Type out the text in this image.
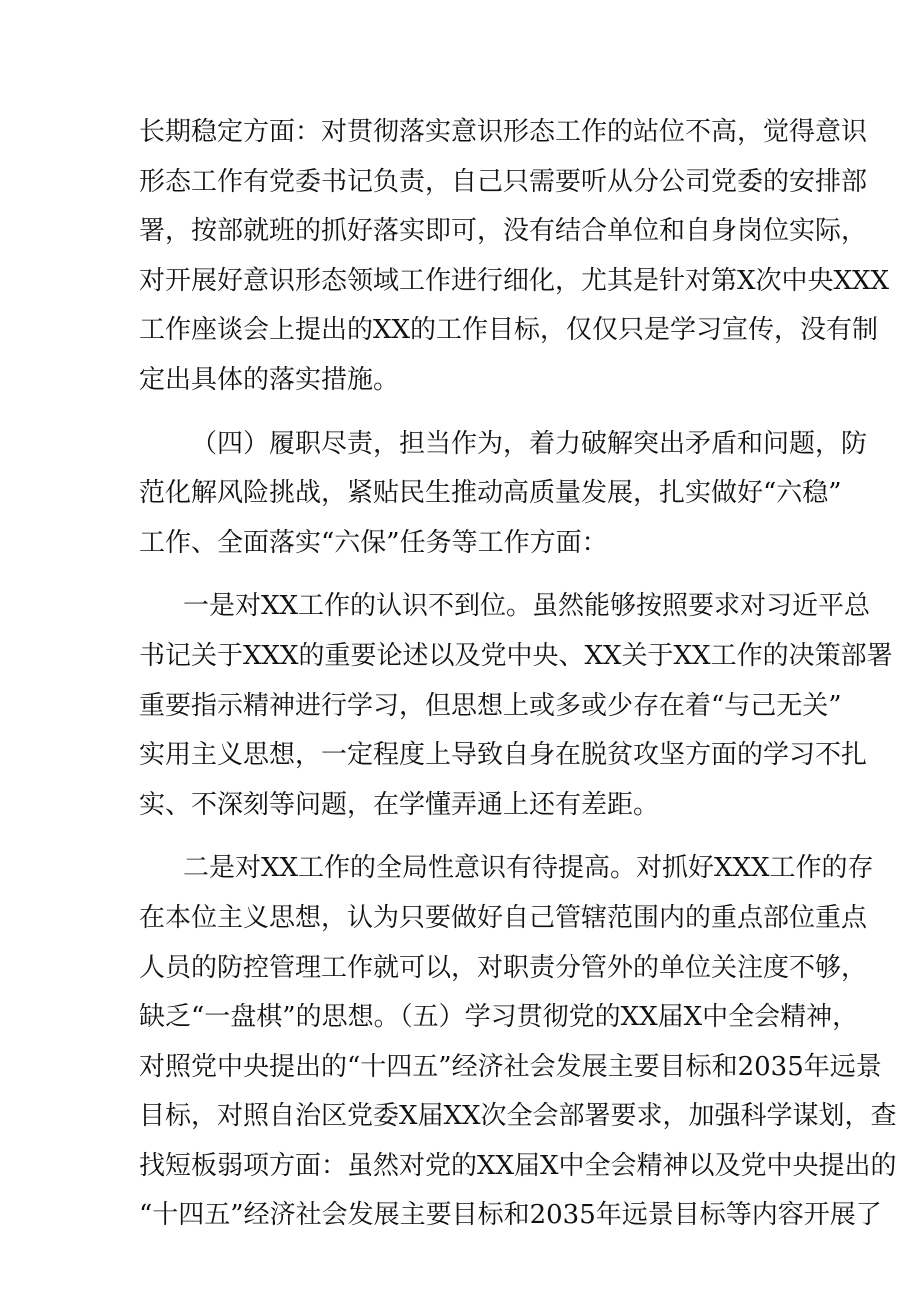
长期稳定方面：对贯彻落实意识形态工作的站位不高，觉得意识
形态工作有党委书记负责，自己只需要听从分公司党委的安排部
署，按部就班的抓好落实即可，没有结合单位和自身岗位实际，
对开展好意识形态领域工作进行细化，尤其是针对第X次中央XXX
工作座谈会上提出的XX的工作目标，仅仅只是学习宣传，没有制
定出具体的落实措施。
（四）履职尽责，担当作为，着力破解突出矛盾和问题，防
范化解风险挑战，紧贴民生推动高质量发展，扎实做好“六稳”
工作、全面落实“六保”任务等工作方面：
一是对XX工作的认识不到位。虽然能够按照要求对习近平总
书记关于XXX的重要论述以及党中央、XX关于XX工作的决策部署
重要指示精神进行学习，但思想上或多或少存在着“与己无关”
实用主义思想，一定程度上导致自身在脱贫攻坚方面的学习不扎
实、不深刻等问题，在学懂弄通上还有差距。
二是对XX工作的全局性意识有待提高。对抓好XXX工作的存
在本位主义思想，认为只要做好自己管辖范围内的重点部位重点
人员的防控管理工作就可以，对职责分管外的单位关注度不够，
缺乏“一盘棋”的思想。（五）学习贯彻党的XX届X中全会精神，
对照党中央提出的“十四五”经济社会发展主要目标和2035年远景
目标，对照自治区党委X届XX次全会部署要求，加强科学谋划，查
找短板弱项方面：虽然对党的XX届X中全会精神以及党中央提出的
“十四五”经济社会发展主要目标和2035年远景目标等内容开展了
